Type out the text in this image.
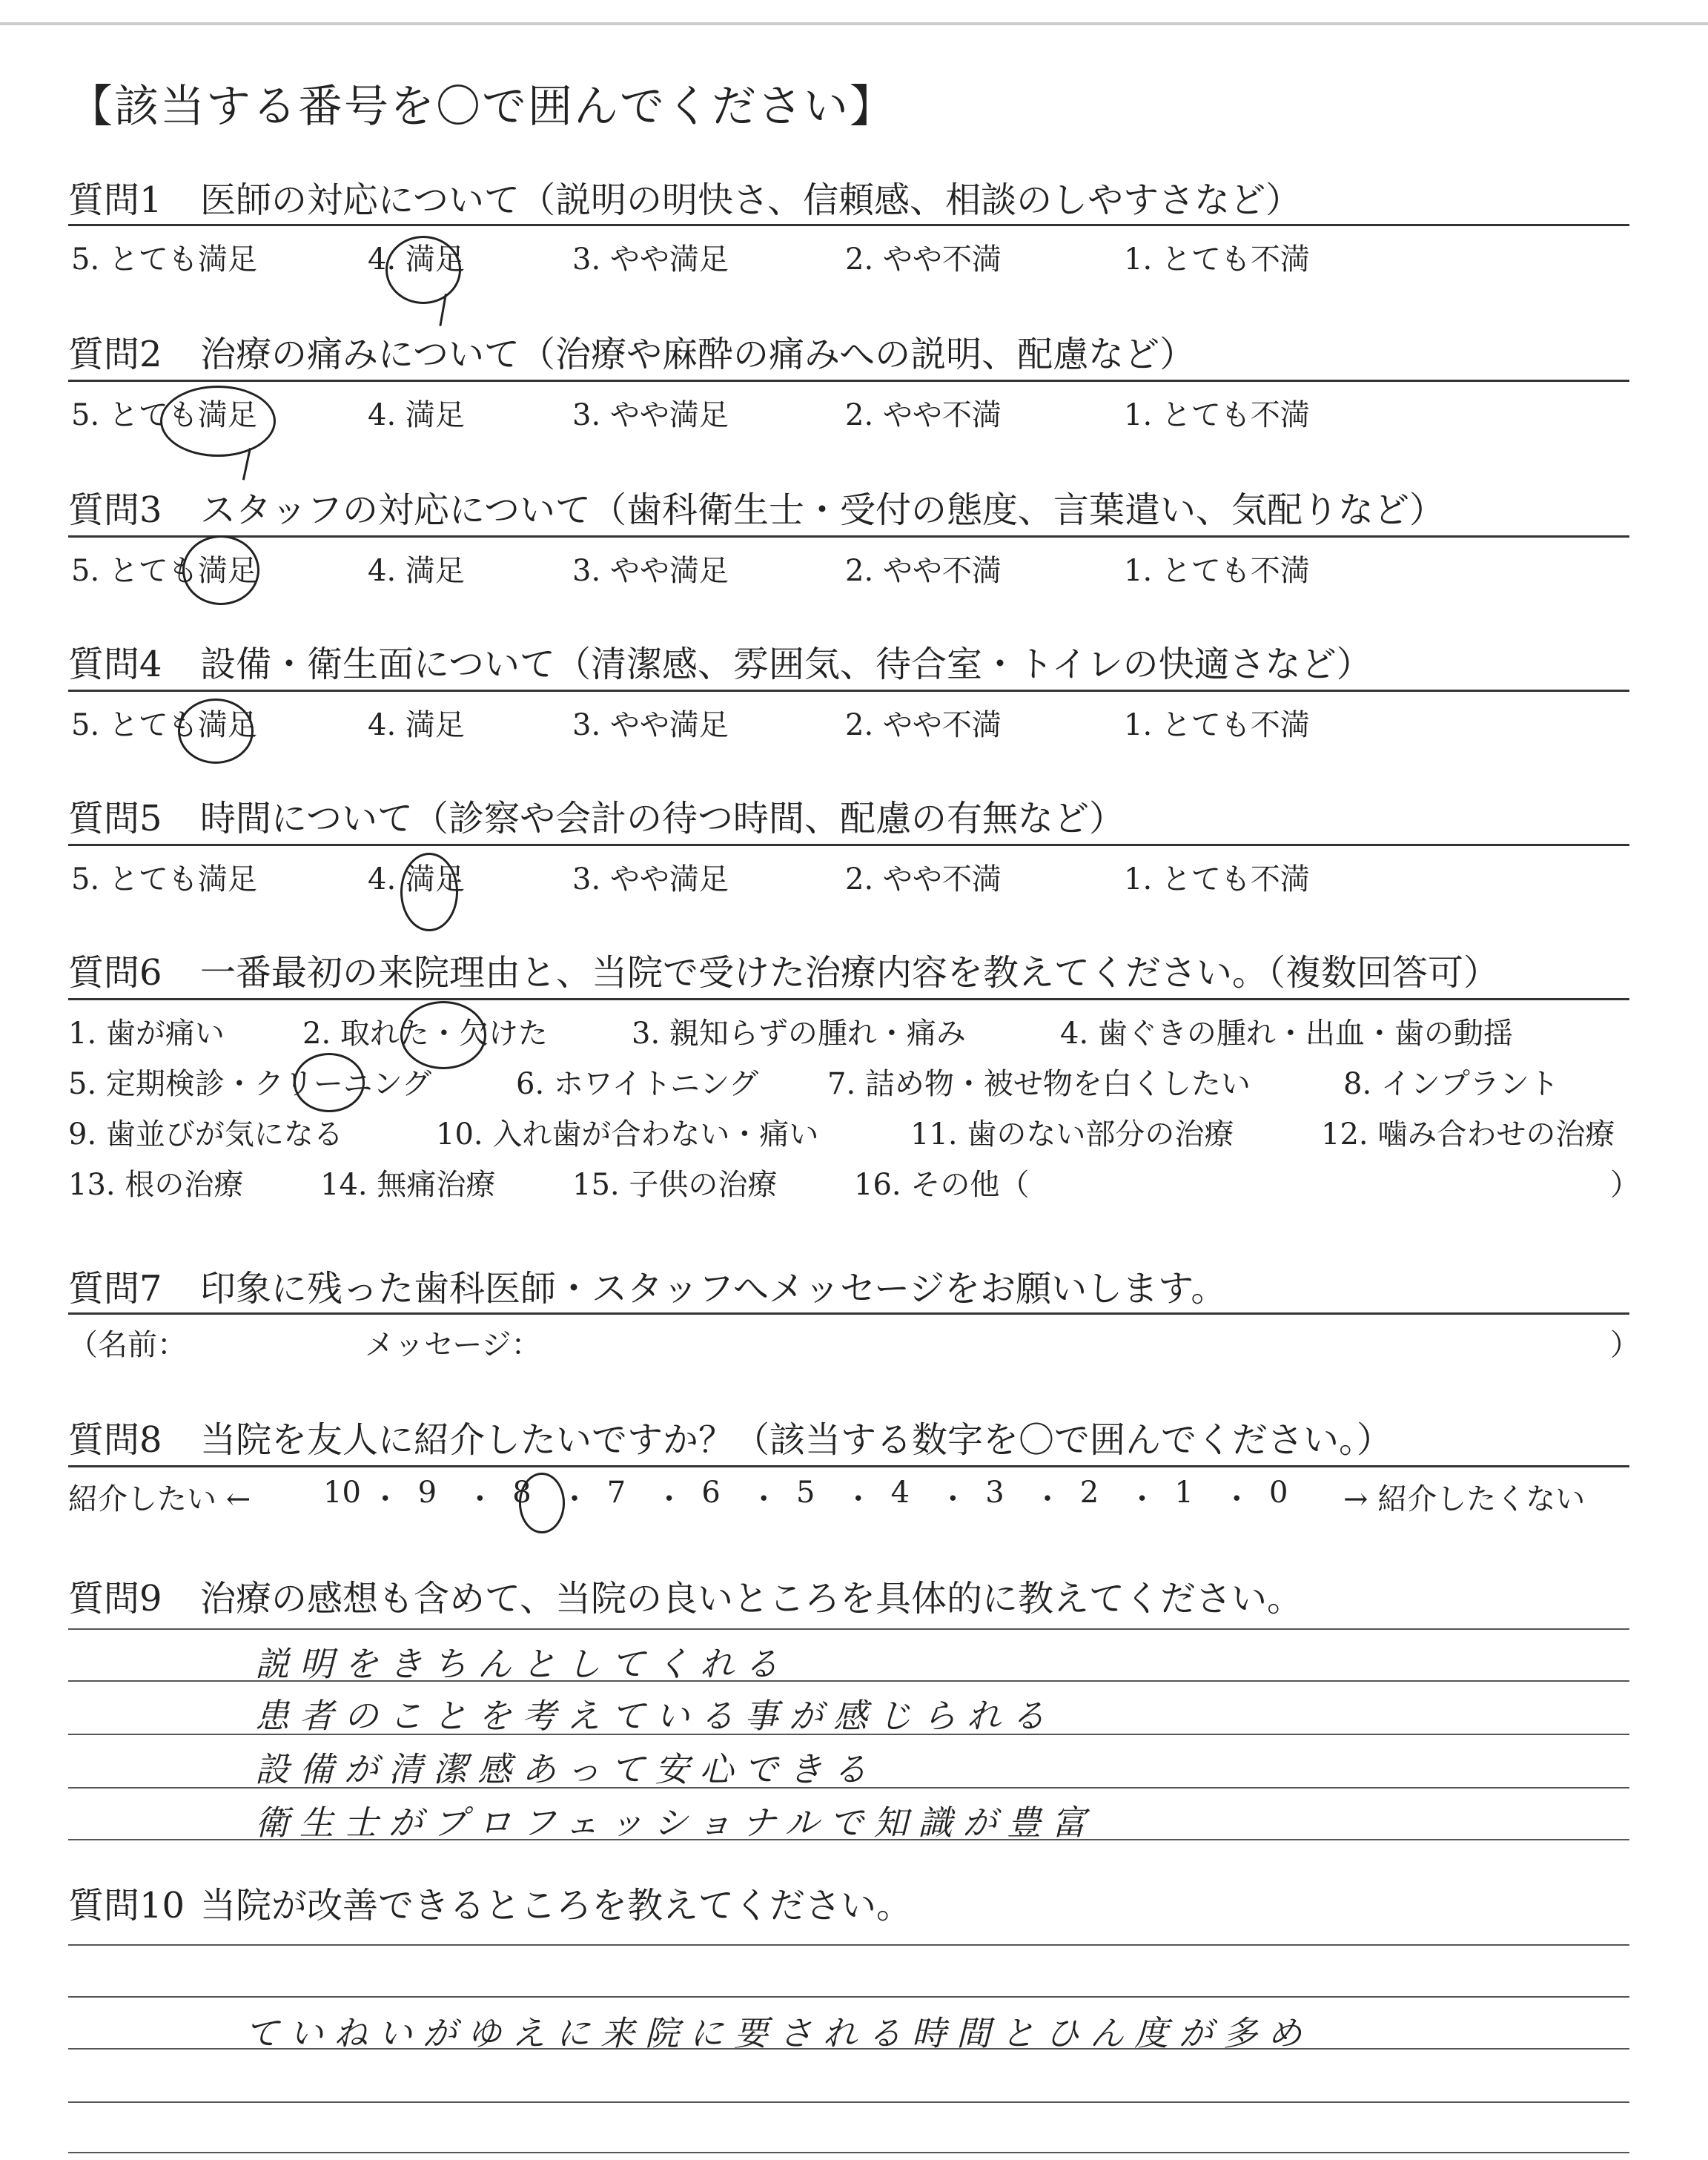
【該当する番号を〇で囲んでください】
質問1 医師の対応について（説明の明快さ、信頼感、相談のしやすさなど）
5. とても満足	4. 満足	3. やや満足	2. やや不満	1. とても不満
質問2 治療の痛みについて（治療や麻酔の痛みへの説明、配慮など）
5. とても満足	4. 満足	3. やや満足	2. やや不満	1. とても不満
質問3 スタッフの対応について（歯科衛生士・受付の態度、言葉遣い、気配りなど）
5. とても満足	4. 満足	3. やや満足	2. やや不満	1. とても不満
質問4 設備・衛生面について（清潔感、雰囲気、待合室・トイレの快適さなど）
5. とても満足	4. 満足	3. やや満足	2. やや不満	1. とても不満
質問5 時間について（診察や会計の待つ時間、配慮の有無など）
5. とても満足	4. 満足	3. やや満足	2. やや不満	1. とても不満
質問6 一番最初の来院理由と、当院で受けた治療内容を教えてください。（複数回答可）
1. 歯が痛い	2. 取れた・欠けた	3. 親知らずの腫れ・痛み	4. 歯ぐきの腫れ・出血・歯の動揺
5. 定期検診・クリーニング	6. ホワイトニング 7. 詰め物・被せ物を白くしたい	8. インプラント
9. 歯並びが気になる	10. 入れ歯が合わない・痛い	11. 歯のない部分の治療	12. 噛み合わせの治療
13. 根の治療	14. 無痛治療	15. 子供の治療	16. その他（	）
質問7 印象に残った歯科医師・スタッフへメッセージをお願いします。
（名前：	メッセージ：	）
質問8 当院を友人に紹介したいですか？（該当する数字を〇で囲んでください。）
紹介したい ←	→ 紹介したくない
10 ・ 9 ・ 8 ・ 7 ・ 6 ・ 5 ・ 4 ・ 3 ・ 2 ・ 1 ・ 0
質問9 治療の感想も含めて、当院の良いところを具体的に教えてください。
説明をきちんとしてくれる
患者のことを考えている事が感じられる
設備が清潔感あって安心できる
衛生士がプロフェッショナルで知識が豊富
質問10 当院が改善できるところを教えてください。
ていねいがゆえに来院に要される時間とひん度が多め
